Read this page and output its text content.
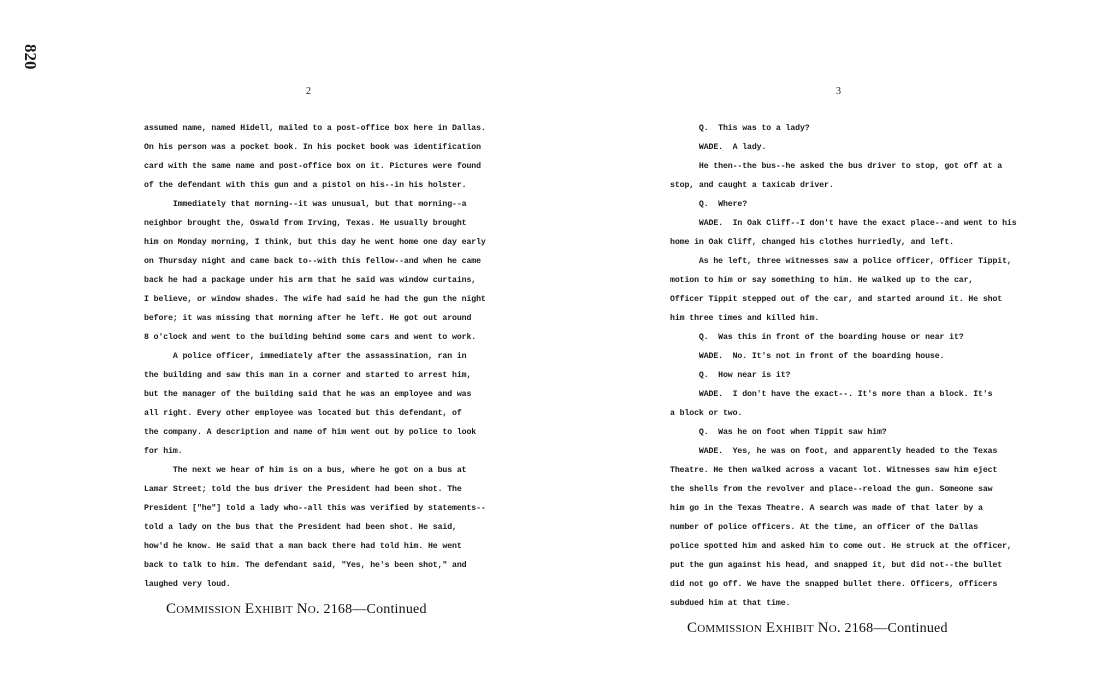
820
2	3
assumed name, named Hidell, mailed to a post-office box here in Dallas.
On his person was a pocket book. In his pocket book was identification
card with the same name and post-office box on it. Pictures were found
of the defendant with this gun and a pistol on his--in his holster.
Immediately that morning--it was unusual, but that morning--a
neighbor brought the, Oswald from Irving, Texas. He usually brought
him on Monday morning, I think, but this day he went home one day early
on Thursday night and came back to--with this fellow--and when he came
back he had a package under his arm that he said was window curtains,
I believe, or window shades. The wife had said he had the gun the night
before; it was missing that morning after he left. He got out around
8 o'clock and went to the building behind some cars and went to work.
A police officer, immediately after the assassination, ran in
the building and saw this man in a corner and started to arrest him,
but the manager of the building said that he was an employee and was
all right. Every other employee was located but this defendant, of
the company. A description and name of him went out by police to look
for him.
The next we hear of him is on a bus, where he got on a bus at
Lamar Street; told the bus driver the President had been shot. The
President ["he"] told a lady who--all this was verified by statements--
told a lady on the bus that the President had been shot. He said,
how'd he know. He said that a man back there had told him. He went
back to talk to him. The defendant said, "Yes, he's been shot," and
laughed very loud.
Q.  This was to a lady?
WADE.  A lady.
He then--the bus--he asked the bus driver to stop, got off at a
stop, and caught a taxicab driver.
Q.  Where?
WADE.  In Oak Cliff--I don't have the exact place--and went to his
home in Oak Cliff, changed his clothes hurriedly, and left.
As he left, three witnesses saw a police officer, Officer Tippit,
motion to him or say something to him. He walked up to the car,
Officer Tippit stepped out of the car, and started around it. He shot
him three times and killed him.
Q.  Was this in front of the boarding house or near it?
WADE.  No. It's not in front of the boarding house.
Q.  How near is it?
WADE.  I don't have the exact--. It's more than a block. It's
a block or two.
Q.  Was he on foot when Tippit saw him?
WADE.  Yes, he was on foot, and apparently headed to the Texas
Theatre. He then walked across a vacant lot. Witnesses saw him eject
the shells from the revolver and place--reload the gun. Someone saw
him go in the Texas Theatre. A search was made of that later by a
number of police officers. At the time, an officer of the Dallas
police spotted him and asked him to come out. He struck at the officer,
put the gun against his head, and snapped it, but did not--the bullet
did not go off. We have the snapped bullet there. Officers, officers
subdued him at that time.
Commission Exhibit No. 2168—Continued
Commission Exhibit No. 2168—Continued
